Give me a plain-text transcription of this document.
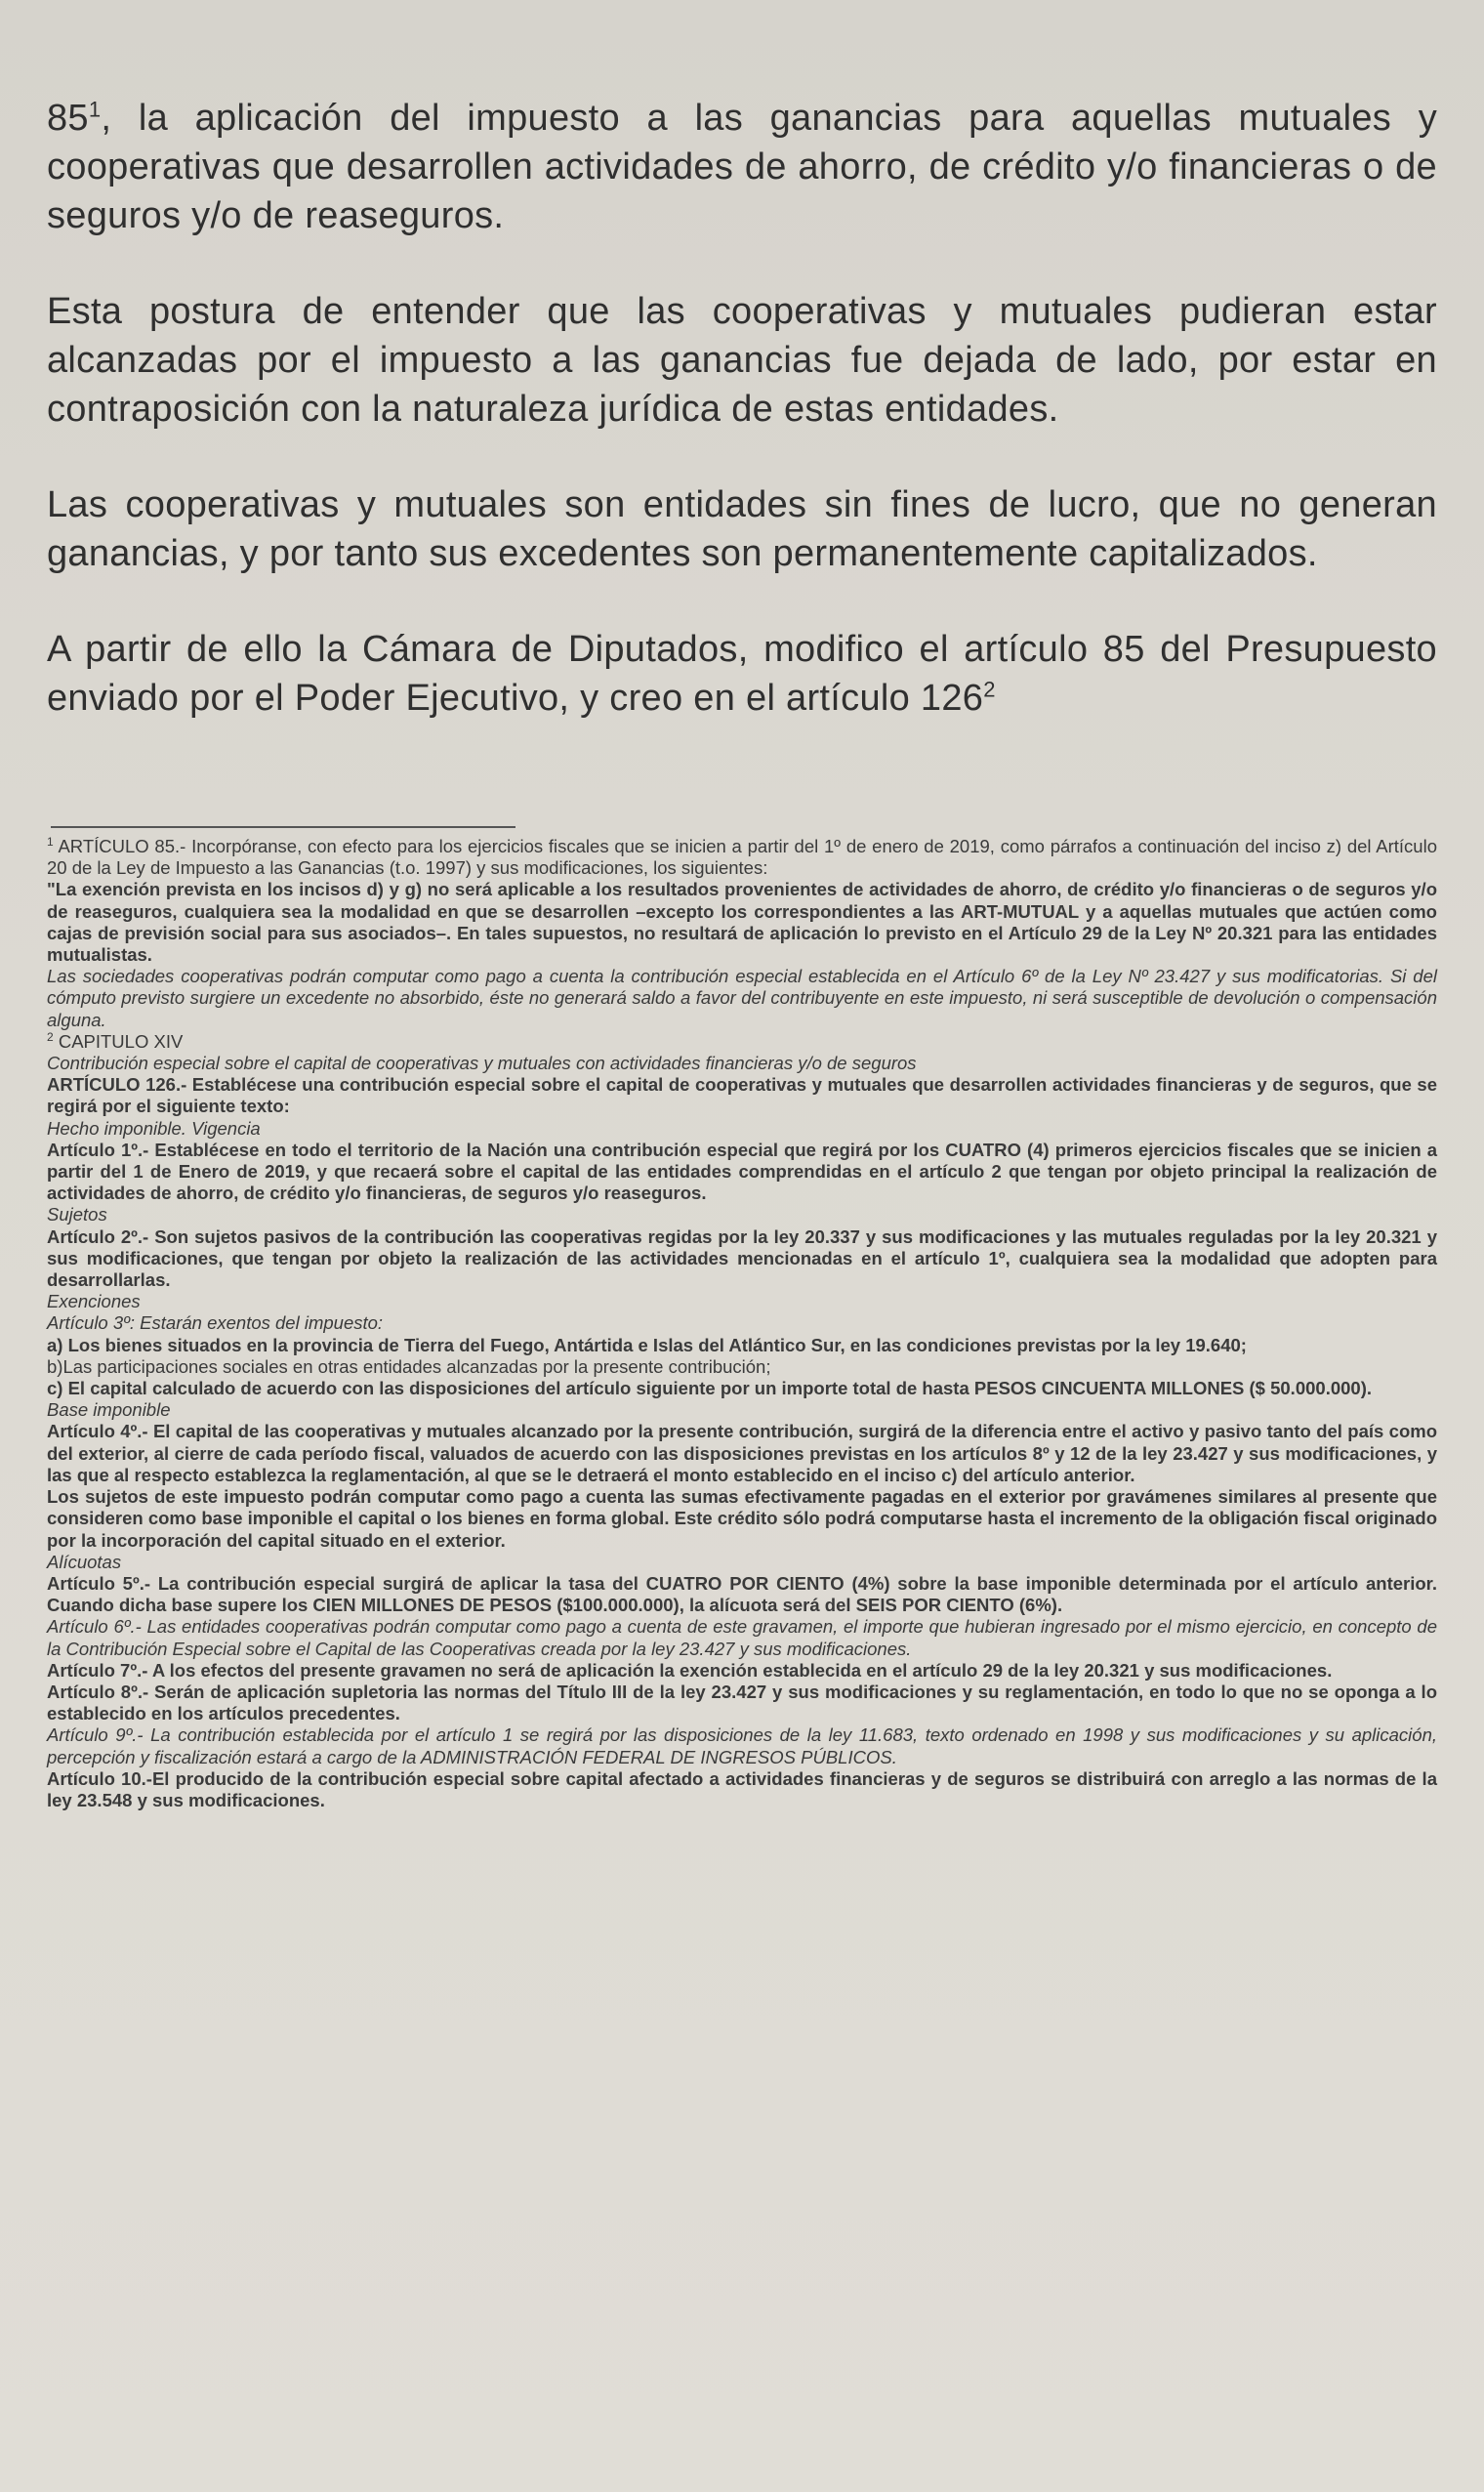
$85^1$, la aplicación del impuesto a las ganancias para aquellas mutuales y cooperativas que desarrollen actividades de ahorro, de crédito y/o financieras o de seguros y/o de reaseguros.

Esta postura de entender que las cooperativas y mutuales pudieran estar alcanzadas por el impuesto a las ganancias fue dejada de lado, por estar en contraposición con la naturaleza jurídica de estas entidades.

Las cooperativas y mutuales son entidades sin fines de lucro, que no generan ganancias, y por tanto sus excedentes son permanentemente capitalizados.

A partir de ello la Cámara de Diputados, modifico el artículo 85 del Presupuesto enviado por el Poder Ejecutivo, y creo en el artículo $126^2$

$^1$ ARTÍCULO 85.- Incorpóranse, con efecto para los ejercicios fiscales que se inicien a partir del 1º de enero de 2019, como párrafos a continuación del inciso z) del Artículo 20 de la Ley de Impuesto a las Ganancias (t.o. 1997) y sus modificaciones, los siguientes:

"La exención prevista en los incisos d) y g) no será aplicable a los resultados provenientes de actividades de ahorro, de crédito y/o financieras o de seguros y/o de reaseguros, cualquiera sea la modalidad en que se desarrollen –excepto los correspondientes a las ART-MUTUAL y a aquellas mutuales que actúen como cajas de previsión social para sus asociados–. En tales supuestos, no resultará de aplicación lo previsto en el Artículo 29 de la Ley Nº 20.321 para las entidades mutualistas.

Las sociedades cooperativas podrán computar como pago a cuenta la contribución especial establecida en el Artículo 6º de la Ley Nº 23.427 y sus modificatorias. Si del cómputo previsto surgiere un excedente no absorbido, éste no generará saldo a favor del contribuyente en este impuesto, ni será susceptible de devolución o compensación alguna.

$^2$ CAPITULO XIV

Contribución especial sobre el capital de cooperativas y mutuales con actividades financieras y/o de seguros

ARTÍCULO 126.- Establécese una contribución especial sobre el capital de cooperativas y mutuales que desarrollen actividades financieras y de seguros, que se regirá por el siguiente texto:

Hecho imponible. Vigencia

Artículo 1º.- Establécese en todo el territorio de la Nación una contribución especial que regirá por los CUATRO (4) primeros ejercicios fiscales que se inicien a partir del 1 de Enero de 2019, y que recaerá sobre el capital de las entidades comprendidas en el artículo 2 que tengan por objeto principal la realización de actividades de ahorro, de crédito y/o financieras, de seguros y/o reaseguros.

Sujetos

Artículo 2º.- Son sujetos pasivos de la contribución las cooperativas regidas por la ley 20.337 y sus modificaciones y las mutuales reguladas por la ley 20.321 y sus modificaciones, que tengan por objeto la realización de las actividades mencionadas en el artículo 1º, cualquiera sea la modalidad que adopten para desarrollarlas.

Exenciones

Artículo 3º: Estarán exentos del impuesto:

a) Los bienes situados en la provincia de Tierra del Fuego, Antártida e Islas del Atlántico Sur, en las condiciones previstas por la ley 19.640;

b)Las participaciones sociales en otras entidades alcanzadas por la presente contribución;

c) El capital calculado de acuerdo con las disposiciones del artículo siguiente por un importe total de hasta PESOS CINCUENTA MILLONES ($ 50.000.000).

Base imponible

Artículo 4º.- El capital de las cooperativas y mutuales alcanzado por la presente contribución, surgirá de la diferencia entre el activo y pasivo tanto del país como del exterior, al cierre de cada período fiscal, valuados de acuerdo con las disposiciones previstas en los artículos 8º y 12 de la ley 23.427 y sus modificaciones, y las que al respecto establezca la reglamentación, al que se le detraerá el monto establecido en el inciso c) del artículo anterior.

Los sujetos de este impuesto podrán computar como pago a cuenta las sumas efectivamente pagadas en el exterior por gravámenes similares al presente que consideren como base imponible el capital o los bienes en forma global. Este crédito sólo podrá computarse hasta el incremento de la obligación fiscal originado por la incorporación del capital situado en el exterior.

Alícuotas

Artículo 5º.- La contribución especial surgirá de aplicar la tasa del CUATRO POR CIENTO (4%) sobre la base imponible determinada por el artículo anterior. Cuando dicha base supere los CIEN MILLONES DE PESOS ($100.000.000), la alícuota será del SEIS POR CIENTO (6%).

Artículo 6º.- Las entidades cooperativas podrán computar como pago a cuenta de este gravamen, el importe que hubieran ingresado por el mismo ejercicio, en concepto de la Contribución Especial sobre el Capital de las Cooperativas creada por la ley 23.427 y sus modificaciones.

Artículo 7º.- A los efectos del presente gravamen no será de aplicación la exención establecida en el artículo 29 de la ley 20.321 y sus modificaciones.

Artículo 8º.- Serán de aplicación supletoria las normas del Título III de la ley 23.427 y sus modificaciones y su reglamentación, en todo lo que no se oponga a lo establecido en los artículos precedentes.

Artículo 9º.- La contribución establecida por el artículo 1 se regirá por las disposiciones de la ley 11.683, texto ordenado en 1998 y sus modificaciones y su aplicación, percepción y fiscalización estará a cargo de la ADMINISTRACIÓN FEDERAL DE INGRESOS PÚBLICOS.

Artículo 10.-El producido de la contribución especial sobre capital afectado a actividades financieras y de seguros se distribuirá con arreglo a las normas de la ley 23.548 y sus modificaciones.
